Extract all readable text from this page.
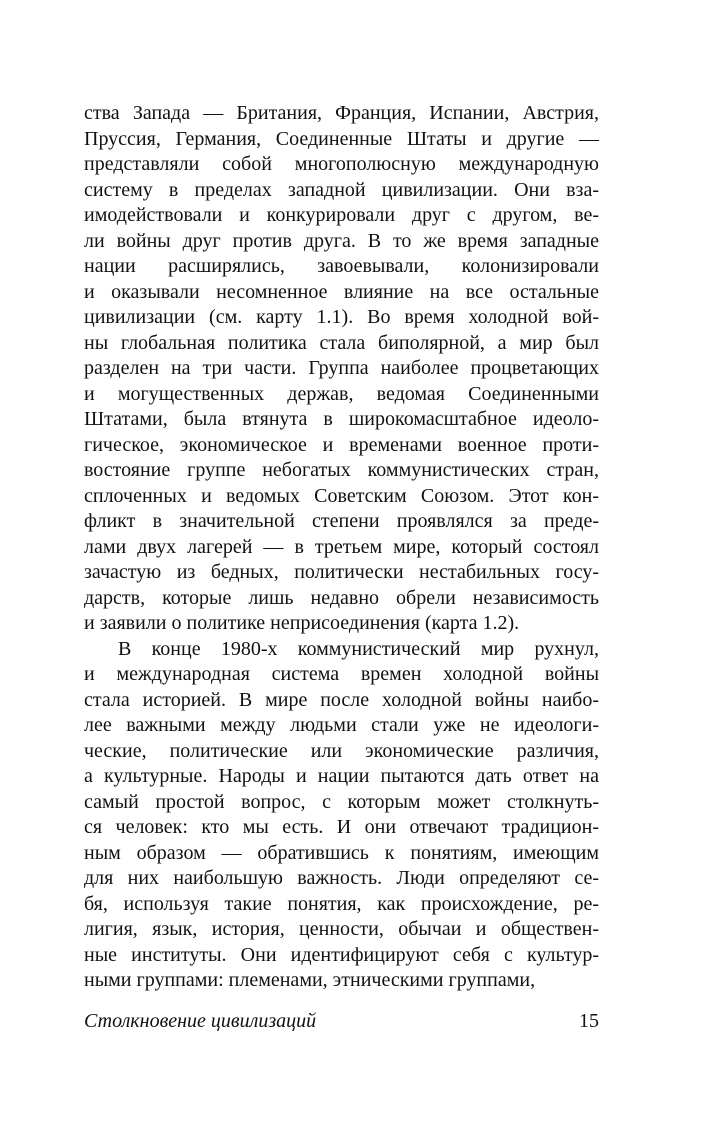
ства Запада — Британия, Франция, Испании, Австрия,
Пруссия, Германия, Соединенные Штаты и другие —
представляли собой многополюсную международную
систему в пределах западной цивилизации. Они вза-
имодействовали и конкурировали друг с другом, ве-
ли войны друг против друга. В то же время западные
нации расширялись, завоевывали, колонизировали
и оказывали несомненное влияние на все остальные
цивилизации (см. карту 1.1). Во время холодной вой-
ны глобальная политика стала биполярной, а мир был
разделен на три части. Группа наиболее процветающих
и могущественных держав, ведомая Соединенными
Штатами, была втянута в широкомасштабное идеоло-
гическое, экономическое и временами военное проти-
востояние группе небогатых коммунистических стран,
сплоченных и ведомых Советским Союзом. Этот кон-
фликт в значительной степени проявлялся за преде-
лами двух лагерей — в третьем мире, который состоял
зачастую из бедных, политически нестабильных госу-
дарств, которые лишь недавно обрели независимость
и заявили о политике неприсоединения (карта 1.2).
В конце 1980-х коммунистический мир рухнул,
и международная система времен холодной войны
стала историей. В мире после холодной войны наибо-
лее важными между людьми стали уже не идеологи-
ческие, политические или экономические различия,
а культурные. Народы и нации пытаются дать ответ на
самый простой вопрос, с которым может столкнуть-
ся человек: кто мы есть. И они отвечают традицион-
ным образом — обратившись к понятиям, имеющим
для них наибольшую важность. Люди определяют се-
бя, используя такие понятия, как происхождение, ре-
лигия, язык, история, ценности, обычаи и обществен-
ные институты. Они идентифицируют себя с культур-
ными группами: племенами, этническими группами,
Столкновение цивилизаций	15
